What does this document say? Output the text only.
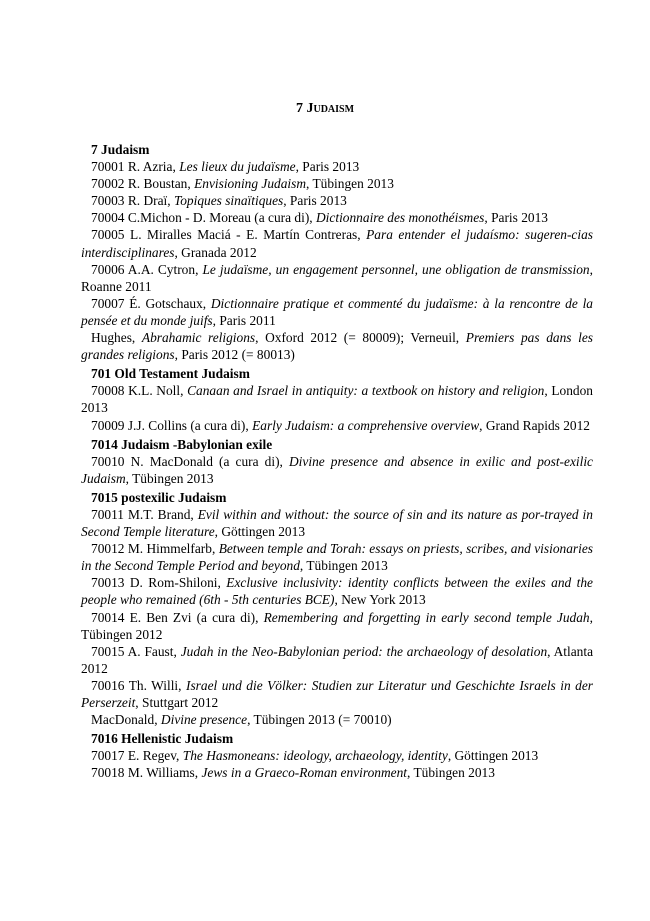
7 Judaism
7 Judaism
70001 R. Azria, Les lieux du judaïsme, Paris 2013
70002 R. Boustan, Envisioning Judaism, Tübingen 2013
70003 R. Draï, Topiques sinaïtiques, Paris 2013
70004 C.Michon - D. Moreau (a cura di), Dictionnaire des monothéismes, Paris 2013
70005 L. Miralles Maciá - E. Martín Contreras, Para entender el judaísmo: sugeren-cias interdisciplinares, Granada 2012
70006 A.A. Cytron, Le judaïsme, un engagement personnel, une obligation de transmission, Roanne 2011
70007 É. Gotschaux, Dictionnaire pratique et commenté du judaïsme: à la rencontre de la pensée et du monde juifs, Paris 2011
Hughes, Abrahamic religions, Oxford 2012 (= 80009); Verneuil, Premiers pas dans les grandes religions, Paris 2012 (= 80013)
701 Old Testament Judaism
70008 K.L. Noll, Canaan and Israel in antiquity: a textbook on history and religion, London 2013
70009 J.J. Collins (a cura di), Early Judaism: a comprehensive overview, Grand Rapids 2012
7014 Judaism -Babylonian exile
70010 N. MacDonald (a cura di), Divine presence and absence in exilic and post-exilic Judaism, Tübingen 2013
7015 postexilic Judaism
70011 M.T. Brand, Evil within and without: the source of sin and its nature as por-trayed in Second Temple literature, Göttingen 2013
70012 M. Himmelfarb, Between temple and Torah: essays on priests, scribes, and visionaries in the Second Temple Period and beyond, Tübingen 2013
70013 D. Rom-Shiloni, Exclusive inclusivity: identity conflicts between the exiles and the people who remained (6th - 5th centuries BCE), New York 2013
70014 E. Ben Zvi (a cura di), Remembering and forgetting in early second temple Judah, Tübingen 2012
70015 A. Faust, Judah in the Neo-Babylonian period: the archaeology of desolation, Atlanta 2012
70016 Th. Willi, Israel und die Völker: Studien zur Literatur und Geschichte Israels in der Perserzeit, Stuttgart 2012
MacDonald, Divine presence, Tübingen 2013 (= 70010)
7016 Hellenistic Judaism
70017 E. Regev, The Hasmoneans: ideology, archaeology, identity, Göttingen 2013
70018 M. Williams, Jews in a Graeco-Roman environment, Tübingen 2013
